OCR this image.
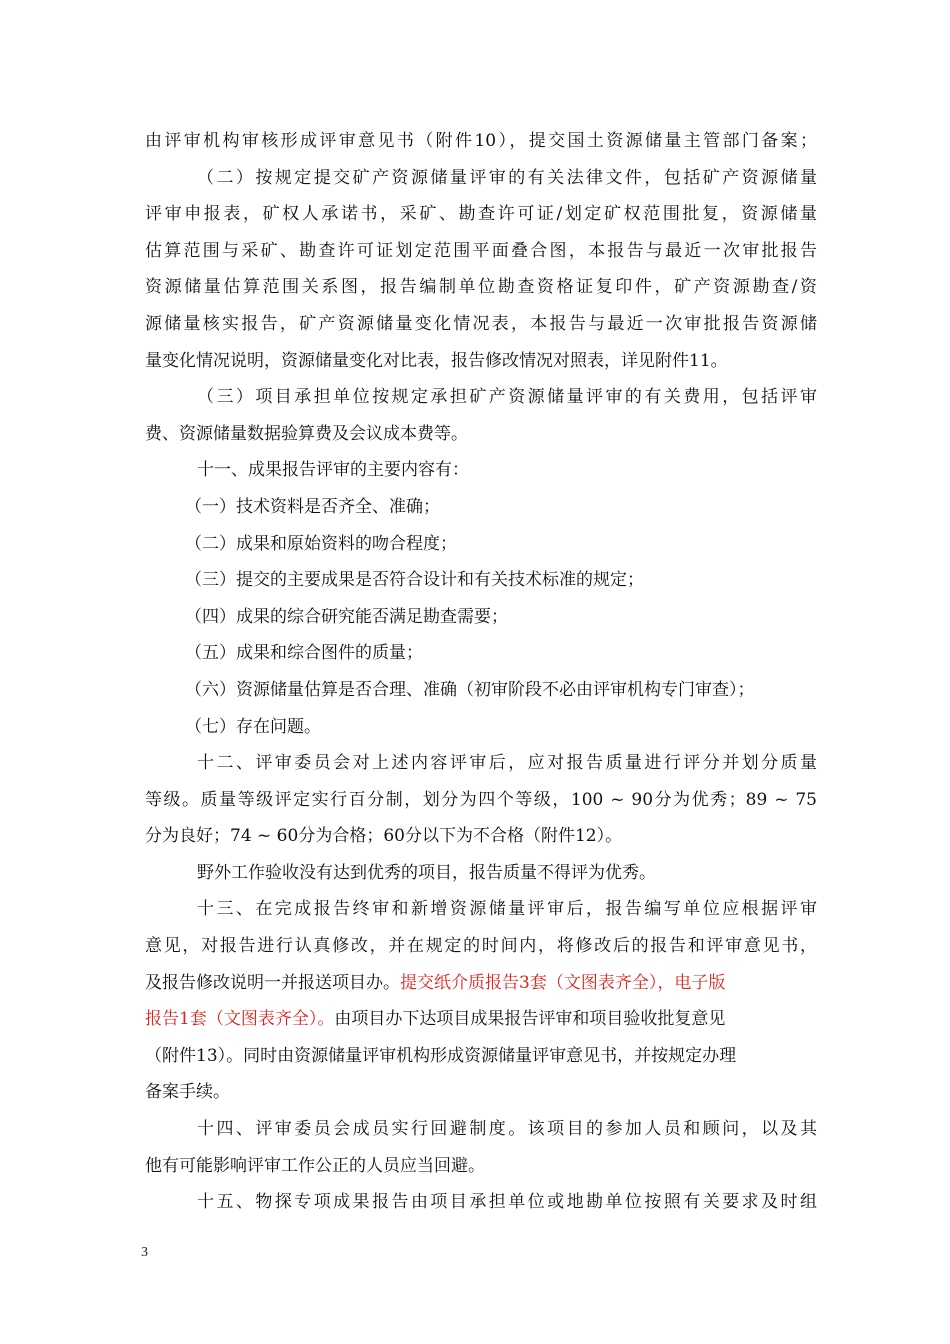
由评审机构审核形成评审意见书（附件10），提交国土资源储量主管部门备案；
（二）按规定提交矿产资源储量评审的有关法律文件，包括矿产资源储量
评审申报表，矿权人承诺书，采矿、勘查许可证/划定矿权范围批复，资源储量
估算范围与采矿、勘查许可证划定范围平面叠合图，本报告与最近一次审批报告
资源储量估算范围关系图，报告编制单位勘查资格证复印件，矿产资源勘查/资
源储量核实报告，矿产资源储量变化情况表，本报告与最近一次审批报告资源储
量变化情况说明，资源储量变化对比表，报告修改情况对照表，详见附件11。
（三）项目承担单位按规定承担矿产资源储量评审的有关费用，包括评审
费、资源储量数据验算费及会议成本费等。
十一、成果报告评审的主要内容有：
（一）技术资料是否齐全、准确；
（二）成果和原始资料的吻合程度；
（三）提交的主要成果是否符合设计和有关技术标准的规定；
（四）成果的综合研究能否满足勘查需要；
（五）成果和综合图件的质量；
（六）资源储量估算是否合理、准确（初审阶段不必由评审机构专门审查）；
（七）存在问题。
十二、评审委员会对上述内容评审后，应对报告质量进行评分并划分质量
等级。质量等级评定实行百分制，划分为四个等级，100 ~ 90分为优秀；89 ~ 75
分为良好；74 ~ 60分为合格；60分以下为不合格（附件12）。
野外工作验收没有达到优秀的项目，报告质量不得评为优秀。
十三、在完成报告终审和新增资源储量评审后，报告编写单位应根据评审
意见，对报告进行认真修改，并在规定的时间内，将修改后的报告和评审意见书，
及报告修改说明一并报送项目办。提交纸介质报告3套（文图表齐全），电子版
报告1套（文图表齐全）。由项目办下达项目成果报告评审和项目验收批复意见
（附件13）。同时由资源储量评审机构形成资源储量评审意见书，并按规定办理
备案手续。
十四、评审委员会成员实行回避制度。该项目的参加人员和顾问，以及其
他有可能影响评审工作公正的人员应当回避。
十五、物探专项成果报告由项目承担单位或地勘单位按照有关要求及时组
3
